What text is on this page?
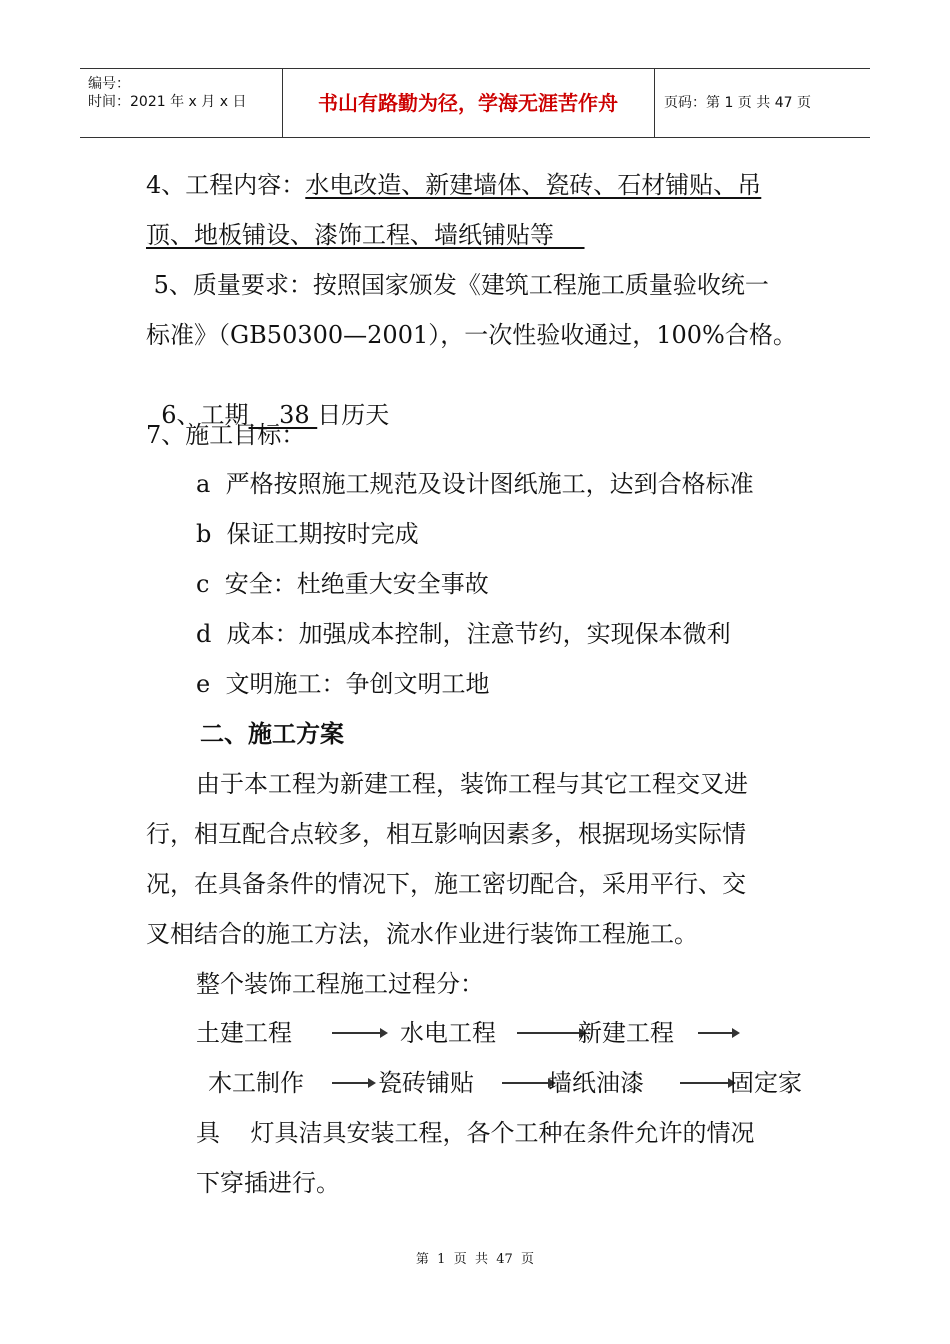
编号：
时间：2021 年 x 月 x 日	书山有路勤为径，学海无涯苦作舟	页码：第 1 页 共 47 页
4、工程内容：水电改造、新建墙体、瓷砖、石材铺贴、吊
顶、地板铺设、漆饰工程、墙纸铺贴等
5、质量要求：按照国家颁发《建筑工程施工质量验收统一
标准》（GB50300—2001），一次性验收通过，100%合格。

6、工期    38 日历天

7、施工目标：
a  严格按照施工规范及设计图纸施工，达到合格标准
b  保证工期按时完成
c  安全：杜绝重大安全事故
d  成本：加强成本控制，注意节约，实现保本微利
e  文明施工：争创文明工地
二、施工方案
由于本工程为新建工程，装饰工程与其它工程交叉进
行，相互配合点较多，相互影响因素多，根据现场实际情
况，在具备条件的情况下，施工密切配合，采用平行、交
叉相结合的施工方法，流水作业进行装饰工程施工。
整个装饰工程施工过程分：
土建工程	水电工程	新建工程
木工制作	瓷砖铺贴	墙纸油漆	固定家
具    灯具洁具安装工程，各个工种在条件允许的情况
下穿插进行。
第  1  页  共  47  页
